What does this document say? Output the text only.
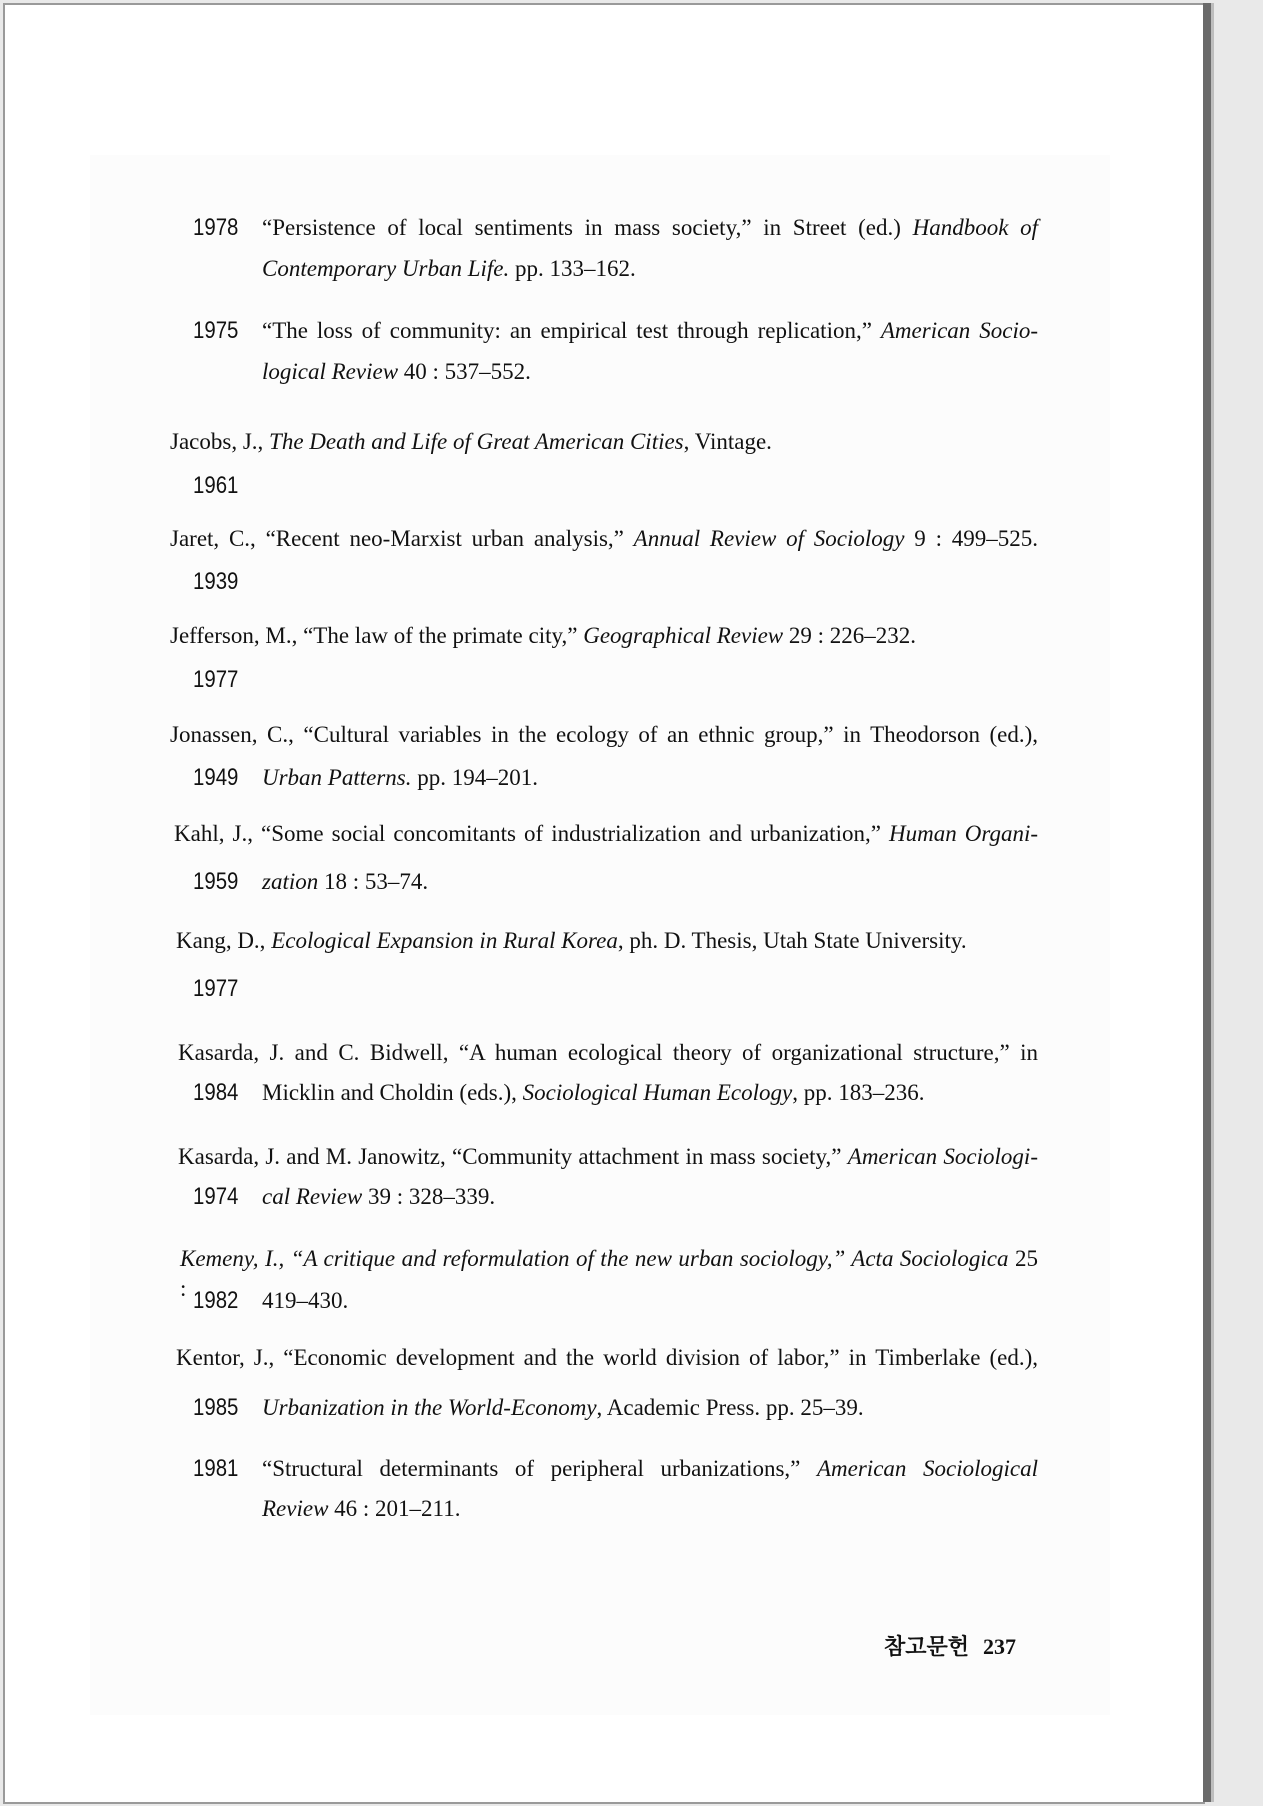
1978 “Persistence of local sentiments in mass society,” in Street (ed.) Handbook of
Contemporary Urban Life. pp. 133–162.
1975 “The loss of community: an empirical test through replication,” American Socio-
logical Review 40 : 537–552.
Jacobs, J., The Death and Life of Great American Cities, Vintage.
1961
Jaret, C., “Recent neo-Marxist urban analysis,” Annual Review of Sociology 9 : 499–525.
1939
Jefferson, M., “The law of the primate city,” Geographical Review 29 : 226–232.
1977
Jonassen, C., “Cultural variables in the ecology of an ethnic group,” in Theodorson (ed.),
1949 Urban Patterns. pp. 194–201.
Kahl, J., “Some social concomitants of industrialization and urbanization,” Human Organi-
1959 zation 18 : 53–74.
Kang, D., Ecological Expansion in Rural Korea, ph. D. Thesis, Utah State University.
1977
Kasarda, J. and C. Bidwell, “A human ecological theory of organizational structure,” in
1984 Micklin and Choldin (eds.), Sociological Human Ecology, pp. 183–236.
Kasarda, J. and M. Janowitz, “Community attachment in mass society,” American Sociologi-
1974 cal Review 39 : 328–339.
Kemeny, I., “A critique and reformulation of the new urban sociology,” Acta Sociologica 25 : 1982 419–430.
Kentor, J., “Economic development and the world division of labor,” in Timberlake (ed.),
1985 Urbanization in the World-Economy, Academic Press. pp. 25–39.
1981 “Structural determinants of peripheral urbanizations,” American Sociological
Review 46 : 201–211.
참고문헌 237
